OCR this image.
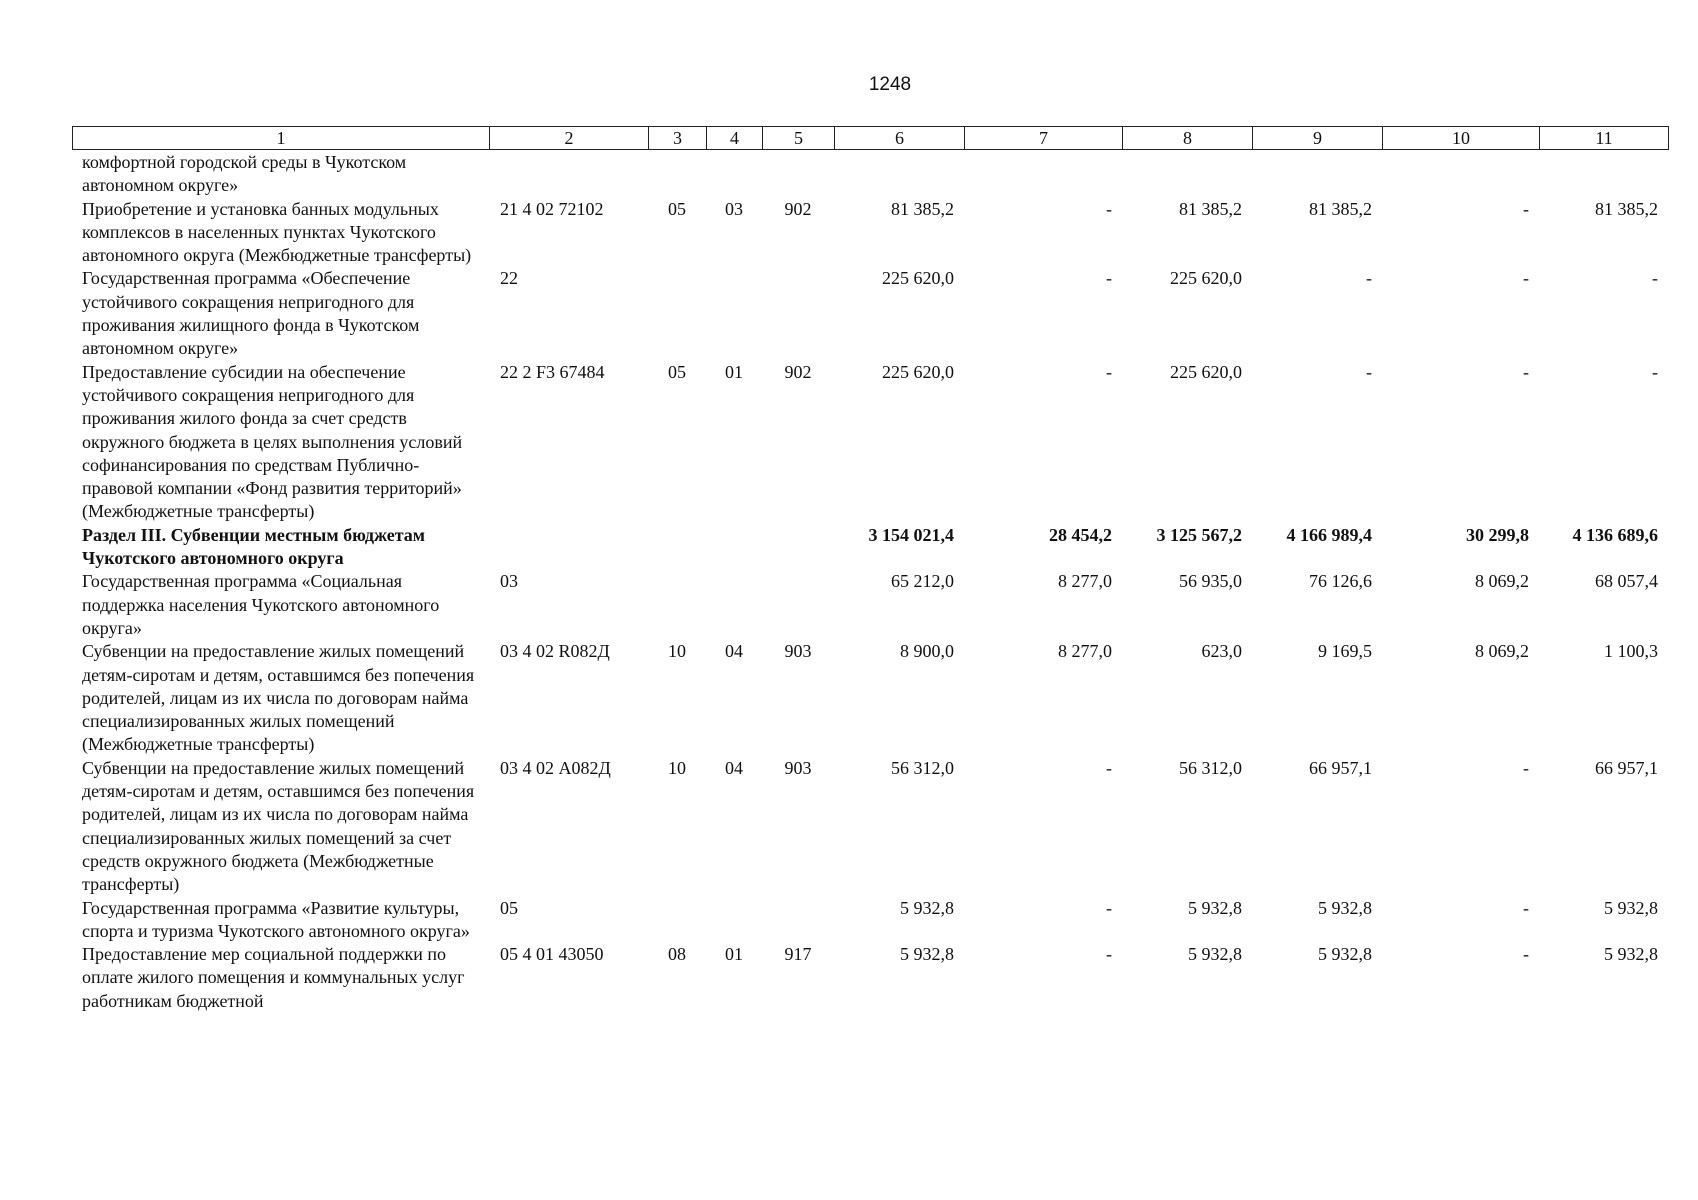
1248
1	2	3	4	5	6	7	8	9	10	11
комфортной городской среды в Чукотском автономном округе»										
Приобретение и установка банных модульных комплексов в населенных пунктах Чукотского автономного округа (Межбюджетные трансферты)	21 4 02 72102	05	03	902	81 385,2	-	81 385,2	81 385,2	-	81 385,2
Государственная программа «Обеспечение устойчивого сокращения непригодного для проживания жилищного фонда в Чукотском автономном округе»	22				225 620,0	-	225 620,0	-	-	-
Предоставление субсидии на обеспечение устойчивого сокращения непригодного для проживания жилого фонда за счет средств окружного бюджета в целях выполнения условий софинансирования по средствам Публично-правовой компании «Фонд развития территорий» (Межбюджетные трансферты)	22 2 F3 67484	05	01	902	225 620,0	-	225 620,0	-	-	-
Раздел III. Субвенции местным бюджетам Чукотского автономного округа					3 154 021,4	28 454,2	3 125 567,2	4 166 989,4	30 299,8	4 136 689,6
Государственная программа «Социальная поддержка населения Чукотского автономного округа»	03				65 212,0	8 277,0	56 935,0	76 126,6	8 069,2	68 057,4
Субвенции на предоставление жилых помещений детям-сиротам и детям, оставшимся без попечения родителей, лицам из их числа по договорам найма специализированных жилых помещений (Межбюджетные трансферты)	03 4 02 R082Д	10	04	903	8 900,0	8 277,0	623,0	9 169,5	8 069,2	1 100,3
Субвенции на предоставление жилых помещений детям-сиротам и детям, оставшимся без попечения родителей, лицам из их числа по договорам найма специализированных жилых помещений за счет средств окружного бюджета (Межбюджетные трансферты)	03 4 02 А082Д	10	04	903	56 312,0	-	56 312,0	66 957,1	-	66 957,1
Государственная программа «Развитие культуры, спорта и туризма Чукотского автономного округа»	05				5 932,8	-	5 932,8	5 932,8	-	5 932,8
Предоставление мер социальной поддержки по оплате жилого помещения и коммунальных услуг работникам бюджетной	05 4 01 43050	08	01	917	5 932,8	-	5 932,8	5 932,8	-	5 932,8
